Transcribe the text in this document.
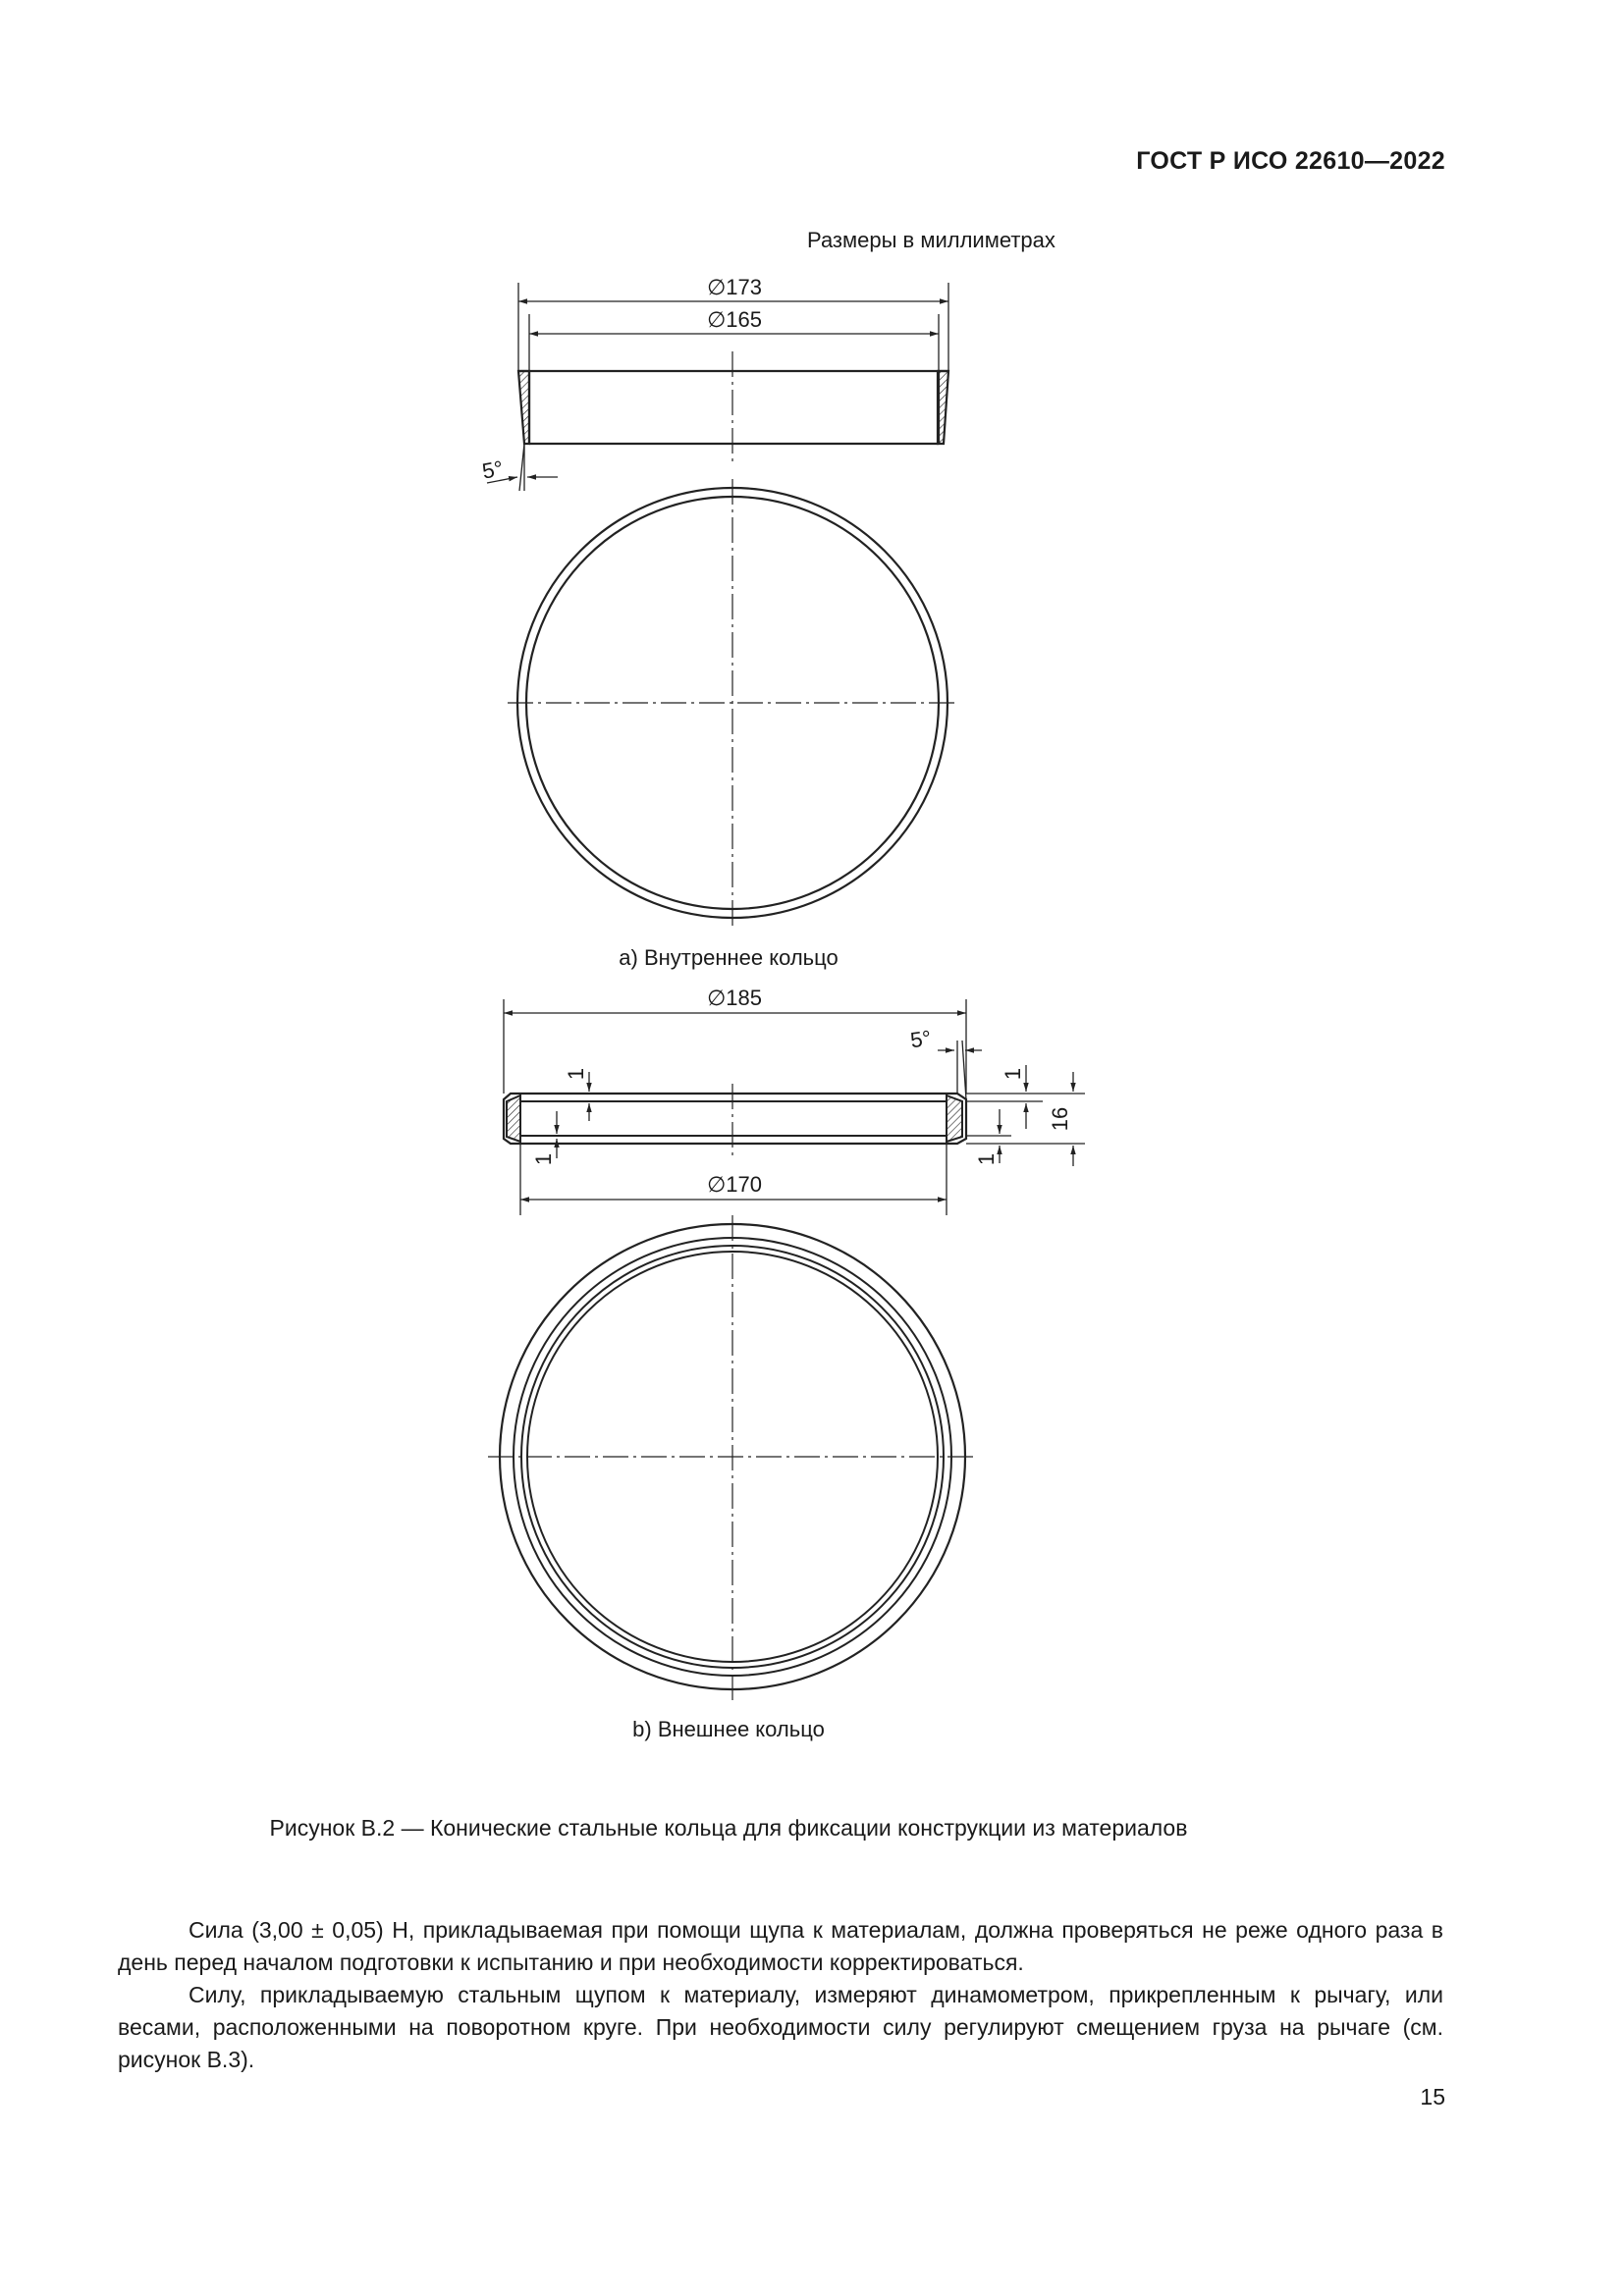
ГОСТ Р ИСО 22610—2022
Размеры в миллиметрах
∅173
∅165
5°
∅185
∅170
5°
1
1
1
1
16
a) Внутреннее кольцо
b) Внешнее кольцо
Рисунок В.2 — Конические стальные кольца для фиксации конструкции из материалов

Сила (3,00 ± 0,05) Н, прикладываемая при помощи щупа к материалам, должна проверяться не реже одного раза в день перед началом подготовки к испытанию и при необходимости корректироваться.

Силу, прикладываемую стальным щупом к материалу, измеряют динамометром, прикрепленным к рычагу, или весами, расположенными на поворотном круге. При необходимости силу регулируют смещением груза на рычаге (см. рисунок В.3).

15
